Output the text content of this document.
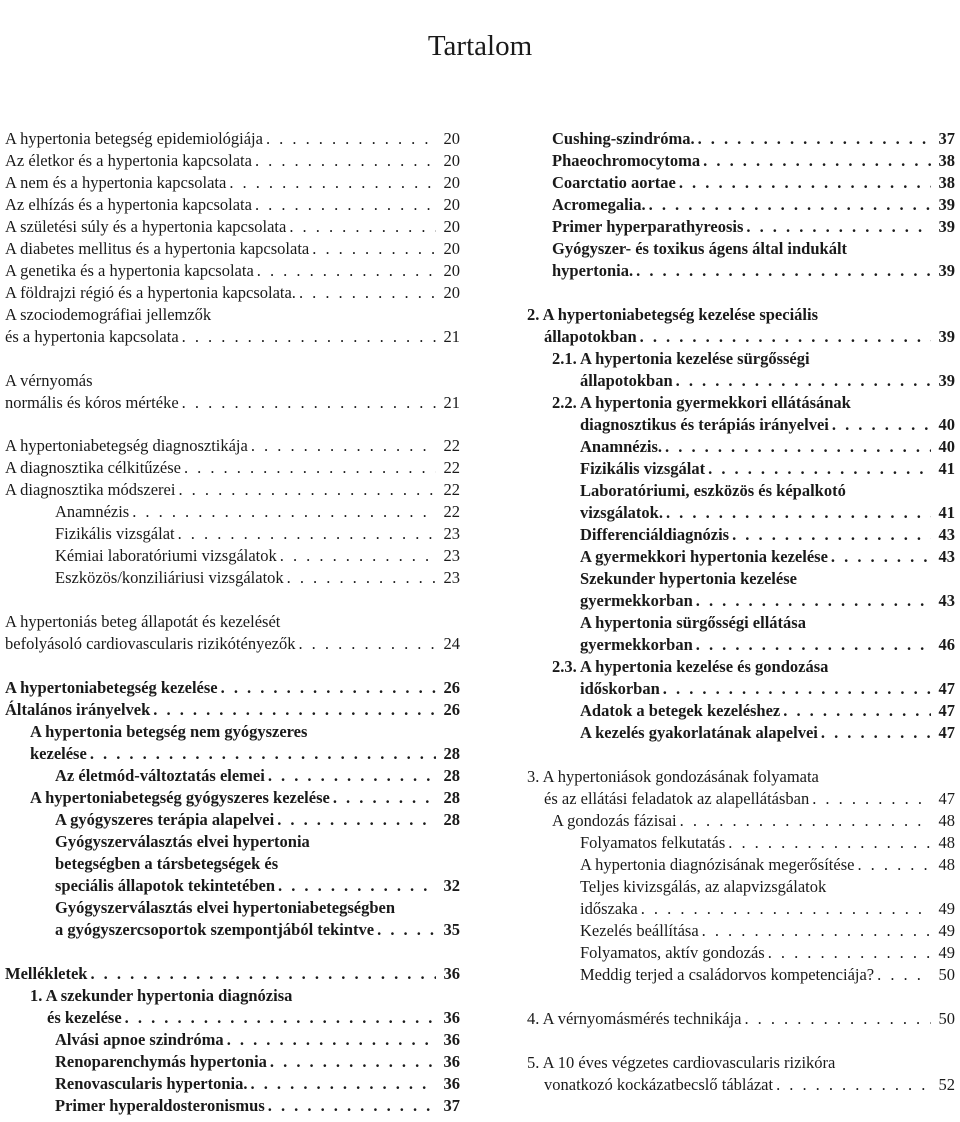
Tartalom
A hypertonia betegség epidemiológiája . . .	20
Az életkor és a hypertonia kapcsolata . . .	20
A nem és a hypertonia kapcsolata . . .	20
Az elhízás és a hypertonia kapcsolata . . .	20
A születési súly és a hypertonia kapcsolata . . .	20
A diabetes mellitus és a hypertonia kapcsolata . . .	20
A genetika és a hypertonia kapcsolata . . .	20
A földrajzi régió és a hypertonia kapcsolata. . . .	20
A szociodemográfiai jellemzők
és a hypertonia kapcsolata . . .	21
A vérnyomás
normális és kóros mértéke . . .	21
A hypertoniabetegség diagnosztikája . . .	22
A diagnosztika célkitűzése . . .	22
A diagnosztika módszerei . . .	22
Anamnézis . . .	22
Fizikális vizsgálat . . .	23
Kémiai laboratóriumi vizsgálatok . . .	23
Eszközös/konziliáriusi vizsgálatok . . .	23
A hypertoniás beteg állapotát és kezelését
befolyásoló cardiovascularis rizikótényezők . . .	24
A hypertoniabetegség kezelése . . .	26
Általános irányelvek . . .	26
A hypertonia betegség nem gyógyszeres
kezelése . . .	28
Az életmód-változtatás elemei . . .	28
A hypertoniabetegség gyógyszeres kezelése . . .	28
A gyógyszeres terápia alapelvei . . .	28
Gyógyszerválasztás elvei hypertonia
betegségben a társbetegségek és
speciális állapotok tekintetében . . .	32
Gyógyszerválasztás elvei hypertoniabetegségben
a gyógyszercsoportok szempontjából tekintve . . .	35
Mellékletek . . .	36
1. A szekunder hypertonia diagnózisa
és kezelése . . .	36
Alvási apnoe szindróma . . .	36
Renoparenchymás hypertonia . . .	36
Renovascularis hypertonia. . . .	36
Primer hyperaldosteronismus . . .	37
Cushing-szindróma. . . .	37
Phaeochromocytoma . . .	38
Coarctatio aortae . . .	38
Acromegalia. . . .	39
Primer hyperparathyreosis . . .	39
Gyógyszer- és toxikus ágens által indukált
hypertonia. . . .	39
2. A hypertoniabetegség kezelése speciális
állapotokban . . .	39
2.1. A hypertonia kezelése sürgősségi
állapotokban . . .	39
2.2. A hypertonia gyermekkori ellátásának
diagnosztikus és terápiás irányelvei . . .	40
Anamnézis. . . .	40
Fizikális vizsgálat . . .	41
Laboratóriumi, eszközös és képalkotó
vizsgálatok. . . .	41
Differenciáldiagnózis . . .	43
A gyermekkori hypertonia kezelése . . .	43
Szekunder hypertonia kezelése
gyermekkorban . . .	43
A hypertonia sürgősségi ellátása
gyermekkorban . . .	46
2.3. A hypertonia kezelése és gondozása
időskorban . . .	47
Adatok a betegek kezeléshez . . .	47
A kezelés gyakorlatának alapelvei . . .	47
3. A hypertoniások gondozásának folyamata
és az ellátási feladatok az alapellátásban . . .	47
A gondozás fázisai . . .	48
Folyamatos felkutatás . . .	48
A hypertonia diagnózisának megerősítése . . .	48
Teljes kivizsgálás, az alapvizsgálatok
időszaka . . .	49
Kezelés beállítása . . .	49
Folyamatos, aktív gondozás . . .	49
Meddig terjed a családorvos kompetenciája? . . .	50
4. A vérnyomásmérés technikája . . .	50
5. A 10 éves végzetes cardiovascularis rizikóra
vonatkozó kockázatbecslő táblázat . . .	52
